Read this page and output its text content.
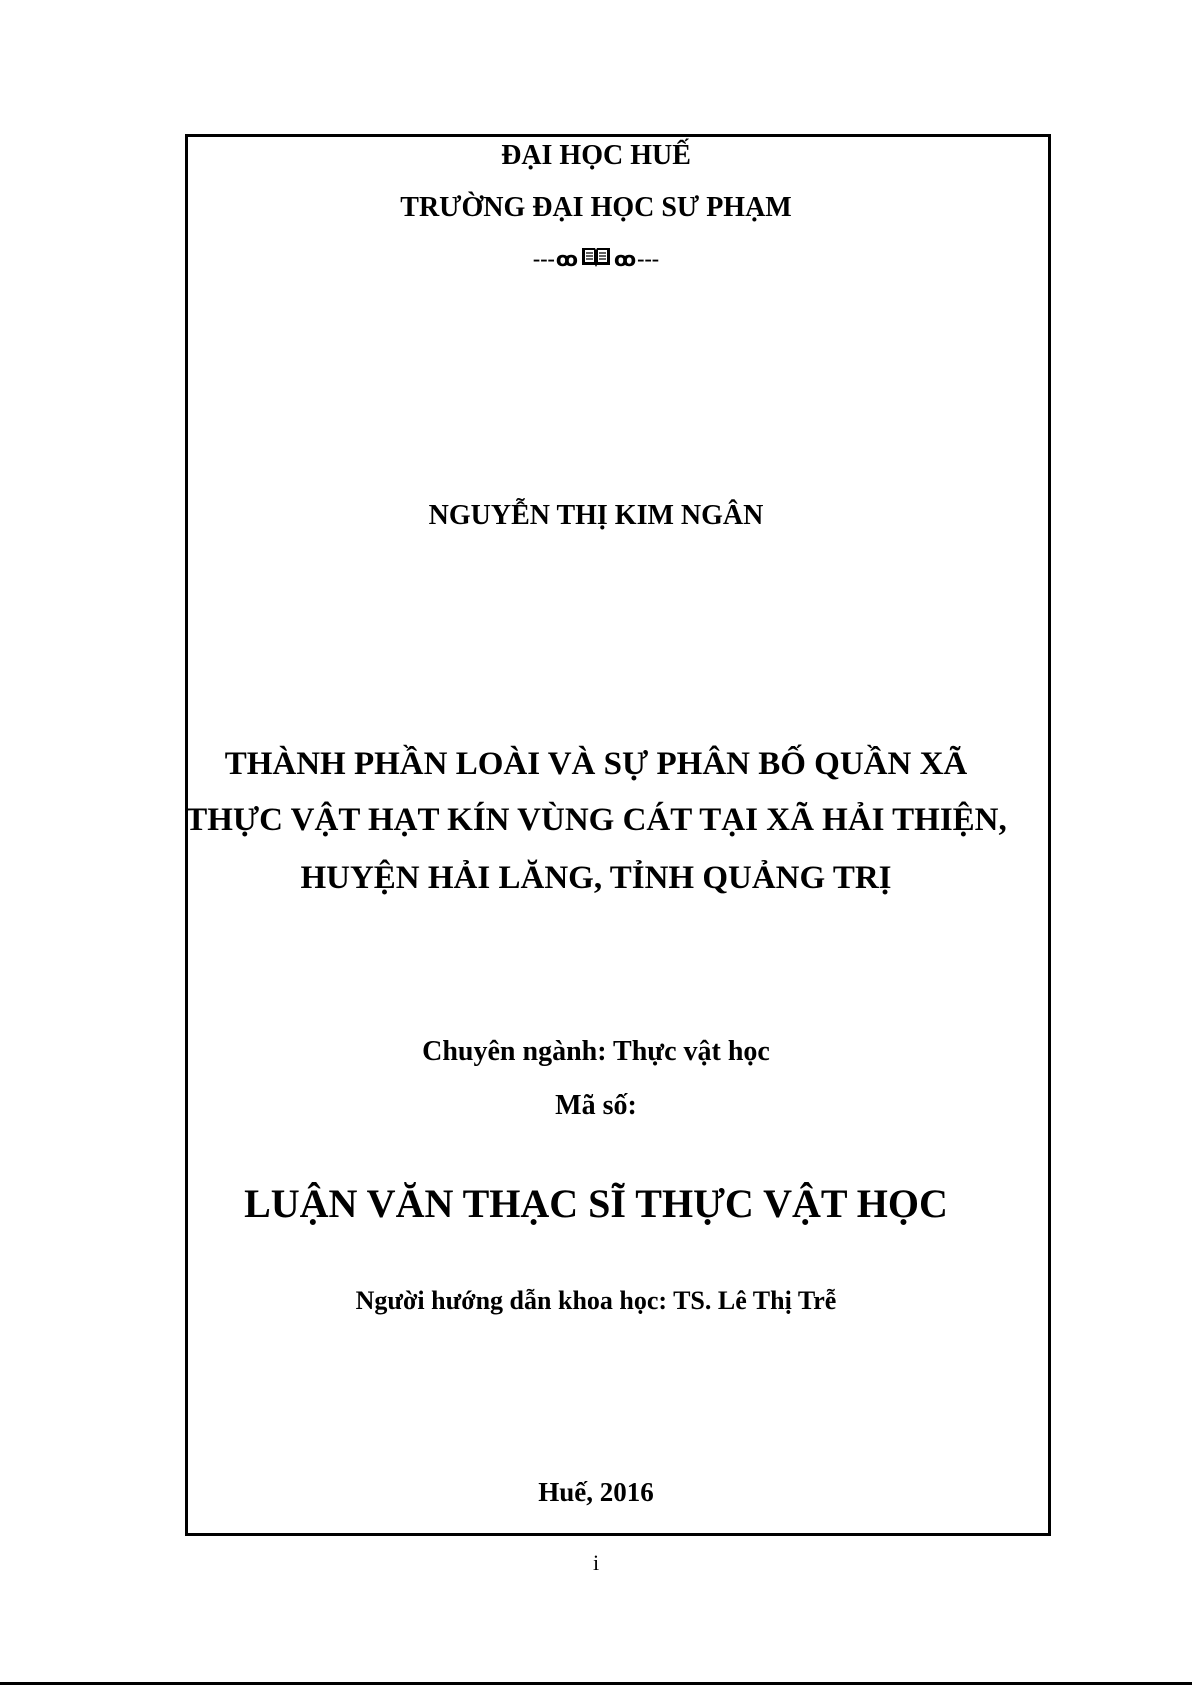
ĐẠI HỌC HUẾ
TRƯỜNG ĐẠI HỌC SƯ PHẠM
--- ꝏ ꝏ ---
NGUYỄN THỊ KIM NGÂN
THÀNH PHẦN LOÀI VÀ SỰ PHÂN BỐ QUẦN XÃ
THỰC VẬT HẠT KÍN VÙNG CÁT TẠI XÃ HẢI THIỆN,
HUYỆN HẢI LĂNG, TỈNH QUẢNG TRỊ
Chuyên ngành: Thực vật học
Mã số:
LUẬN VĂN THẠC SĨ THỰC VẬT HỌC
Người hướng dẫn khoa học: TS. Lê Thị Trễ
Huế, 2016
i
